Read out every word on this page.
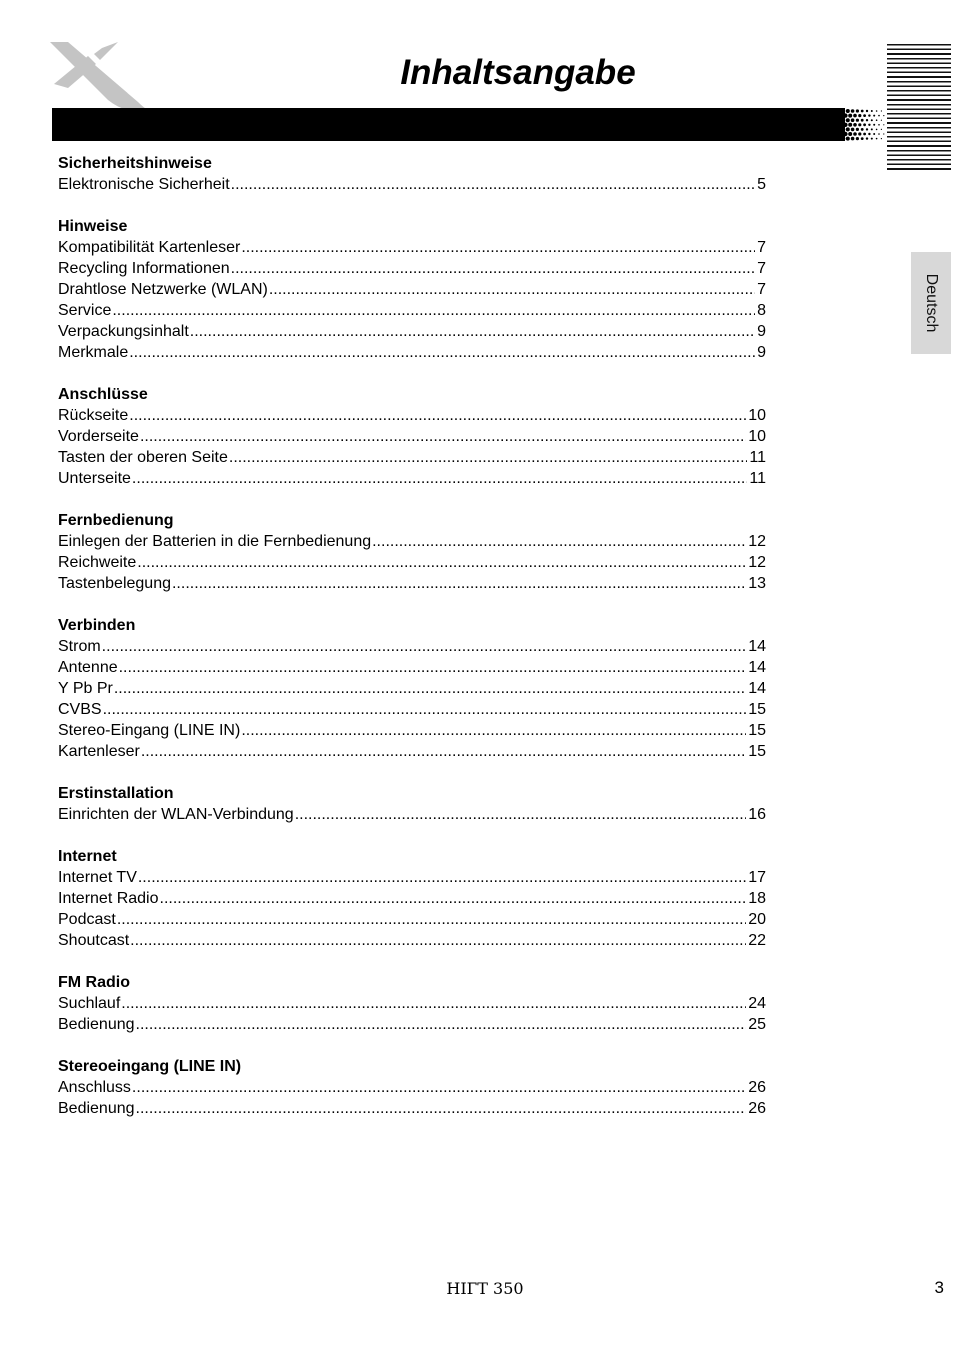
Inhaltsangabe
Deutsch
Sicherheitshinweise
Elektronische Sicherheit .....	5
Hinweise
Kompatibilität Kartenleser .....	7
Recycling Informationen .....	7
Drahtlose Netzwerke (WLAN) .....	7
Service .....	8
Verpackungsinhalt .....	9
Merkmale .....	9
Anschlüsse
Rückseite .....	10
Vorderseite .....	10
Tasten der oberen Seite .....	11
Unterseite .....	11
Fernbedienung
Einlegen der Batterien in die Fernbedienung .....	12
Reichweite .....	12
Tastenbelegung .....	13
Verbinden
Strom .....	14
Antenne .....	14
Y Pb Pr .....	14
CVBS .....	15
Stereo-Eingang (LINE IN) .....	15
Kartenleser .....	15
Erstinstallation
Einrichten der WLAN-Verbindung .....	16
Internet
Internet TV .....	17
Internet Radio .....	18
Podcast .....	20
Shoutcast .....	22
FM Radio
Suchlauf .....	24
Bedienung .....	25
Stereoeingang (LINE IN)
Anschluss .....	26
Bedienung .....	26
HIГТ 350	3
